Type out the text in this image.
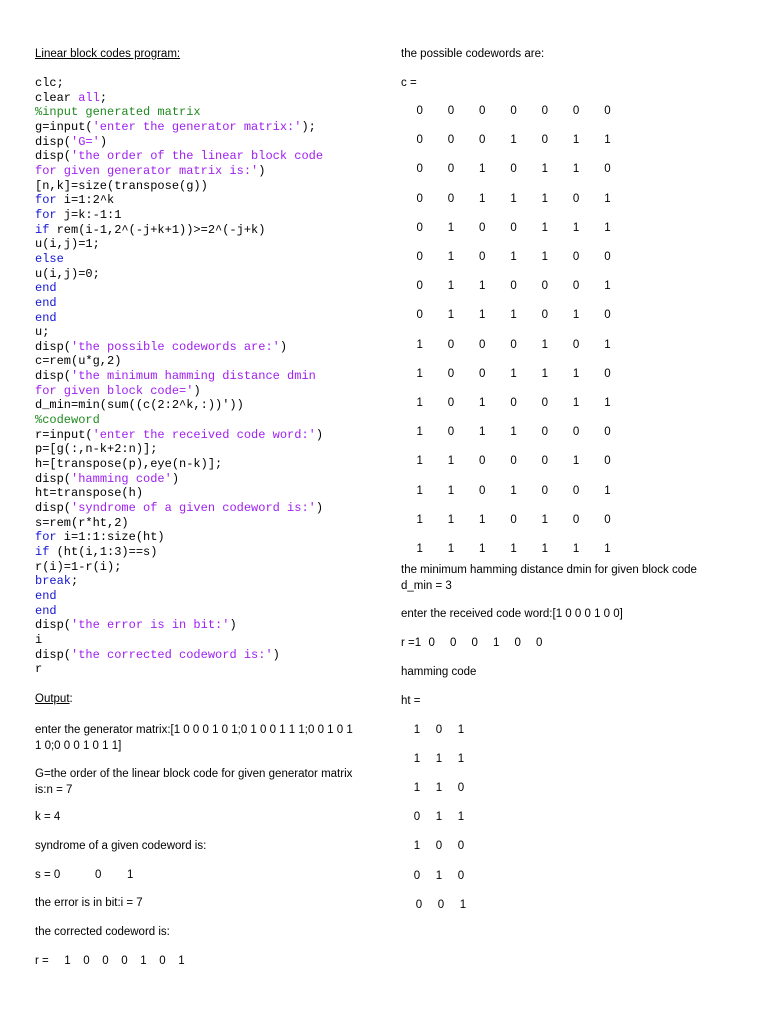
Linear block codes program:
clc;
clear all;
%input generated matrix
g=input('enter the generator matrix:');
disp('G=')
disp('the order of the linear block code
for given generator matrix is:')
[n,k]=size(transpose(g))
for i=1:2^k
for j=k:-1:1
if rem(i-1,2^(-j+k+1))>=2^(-j+k)
u(i,j)=1;
else
u(i,j)=0;
end
end
end
u;
disp('the possible codewords are:')
c=rem(u*g,2)
disp('the minimum hamming distance dmin
for given block code=')
d_min=min(sum((c(2:2^k,:))'))
%codeword
r=input('enter the received code word:')
p=[g(:,n-k+2:n)];
h=[transpose(p),eye(n-k)];
disp('hamming code')
ht=transpose(h)
disp('syndrome of a given codeword is:')
s=rem(r*ht,2)
for i=1:1:size(ht)
if (ht(i,1:3)==s)
r(i)=1-r(i);
break;
end
end
disp('the error is in bit:')
i
disp('the corrected codeword is:')
r
Output:
enter the generator matrix:[1 0 0 0 1 0 1;0 1 0 0 1 1 1;0 0 1 0 1 1 0;0 0 0 1 0 1 1]
G=the order of the linear block code for given generator matrix is:n = 7
k = 4
syndrome of a given codeword is:
s = 0	0 1
the error is in bit:i = 7
the corrected codeword is:
r =	1	0	0	0	1	0	1
the possible codewords are:
c =
0	0	0	0	0	0	0
0	0	0	1	0	1	1
0	0	1	0	1	1	0
0	0	1	1	1	0	1
0	1	0	0	1	1	1
0	1	0	1	1	0	0
0	1	1	0	0	0	1
0	1	1	1	0	1	0
1	0	0	0	1	0	1
1	0	0	1	1	1	0
1	0	1	0	0	1	1
1	0	1	1	0	0	0
1	1	0	0	0	1	0
1	1	0	1	0	0	1
1	1	1	0	1	0	0
1	1	1	1	1	1	1
the minimum hamming distance dmin for given block code
d_min = 3
enter the received code word:[1 0 0 0 1 0 0]
r =1 0	0	0	1	0	0
hamming code
ht =
1	0	1
1	1	1
1	1	0
0	1	1
1	0	0
0	1	0
0	0	1
